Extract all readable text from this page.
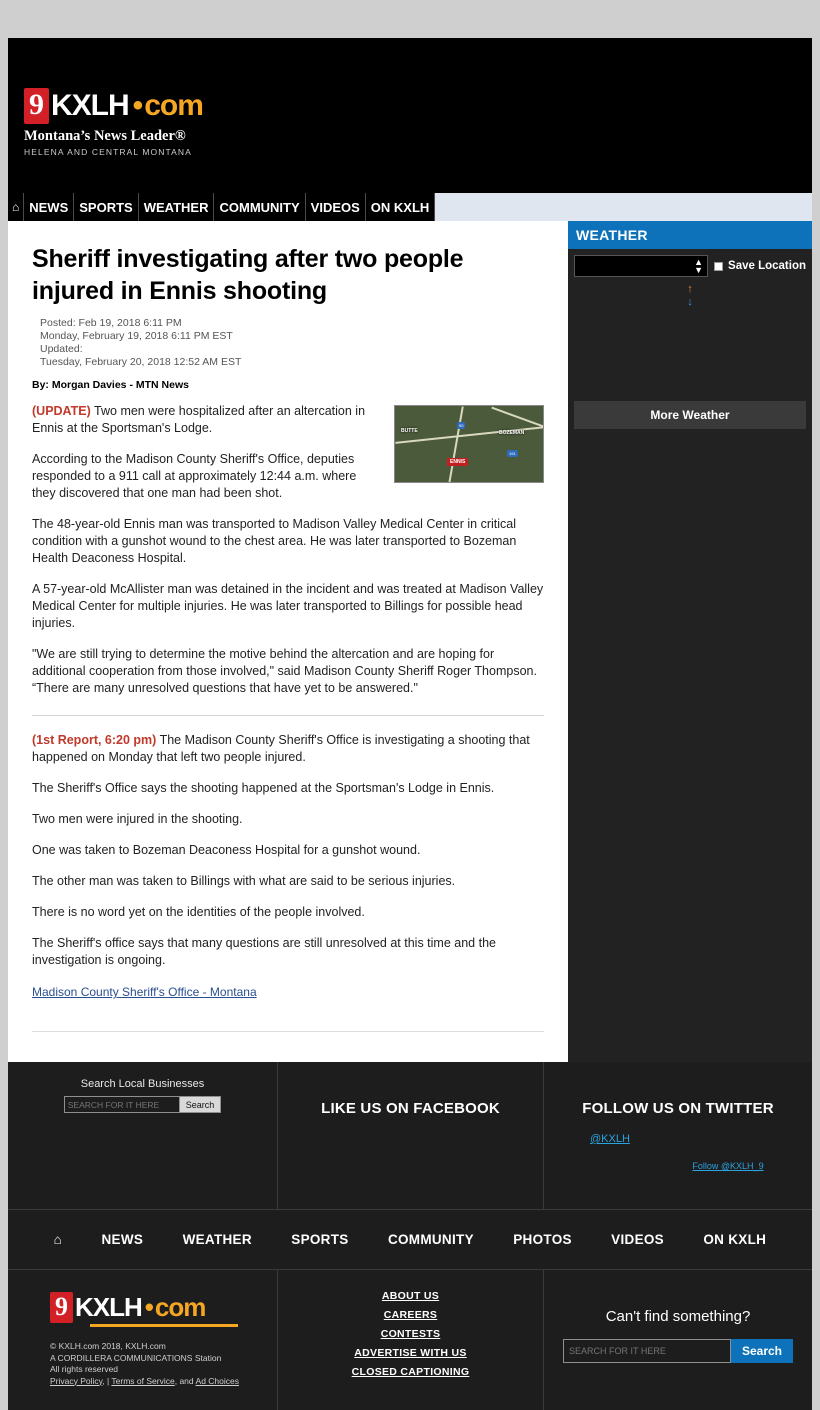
9 KXLH • com
Montana’s News Leader®
HELENA AND CENTRAL MONTANA
⌂ NEWS SPORTS WEATHER COMMUNITY VIDEOS ON KXLH
Sheriff investigating after two people injured in Ennis shooting
Posted: Feb 19, 2018 6:11 PM
Monday, February 19, 2018 6:11 PM EST
Updated:
Tuesday, February 20, 2018 12:52 AM EST
By: Morgan Davies - MTN News
BUTTE	BOZEMAN
90
191
ENNIS

(UPDATE) Two men were hospitalized after an altercation in Ennis at the Sportsman's Lodge.

According to the Madison County Sheriff's Office, deputies responded to a 911 call at approximately 12:44 a.m. where they discovered that one man had been shot.

The 48-year-old Ennis man was transported to Madison Valley Medical Center in critical condition with a gunshot wound to the chest area. He was later transported to Bozeman Health Deaconess Hospital.

A 57-year-old McAllister man was detained in the incident and was treated at Madison Valley Medical Center for multiple injuries. He was later transported to Billings for possible head injuries.

"We are still trying to determine the motive behind the altercation and are hoping for additional cooperation from those involved," said Madison County Sheriff Roger Thompson. “There are many unresolved questions that have yet to be answered."

(1st Report, 6:20 pm) The Madison County Sheriff's Office is investigating a shooting that happened on Monday that left two people injured.

The Sheriff's Office says the shooting happened at the Sportsman's Lodge in Ennis.

Two men were injured in the shooting.

One was taken to Bozeman Deaconess Hospital for a gunshot wound.

The other man was taken to Billings with what are said to be serious injuries.

There is no word yet on the identities of the people involved.

The Sheriff's office says that many questions are still unresolved at this time and the investigation is ongoing.

Madison County Sheriff's Office - Montana
WEATHER
▲
▼ Save Location
↑
↓
More Weather
Search Local Businesses
SEARCH FOR IT HERE
Search	LIKE US ON FACEBOOK	FOLLOW US ON TWITTER
@KXLH
Follow @KXLH_9
⌂	NEWS	WEATHER	SPORTS	COMMUNITY	PHOTOS	VIDEOS	ON KXLH
9 KXLH • com
© KXLH.com 2018, KXLH.com
A CORDILLERA COMMUNICATIONS Station
All rights reserved
Privacy Policy, | Terms of Service, and Ad Choices
ABOUT US
CAREERS
CONTESTS
ADVERTISE WITH US
CLOSED CAPTIONING
Can't find something?
SEARCH FOR IT HERE
Search
